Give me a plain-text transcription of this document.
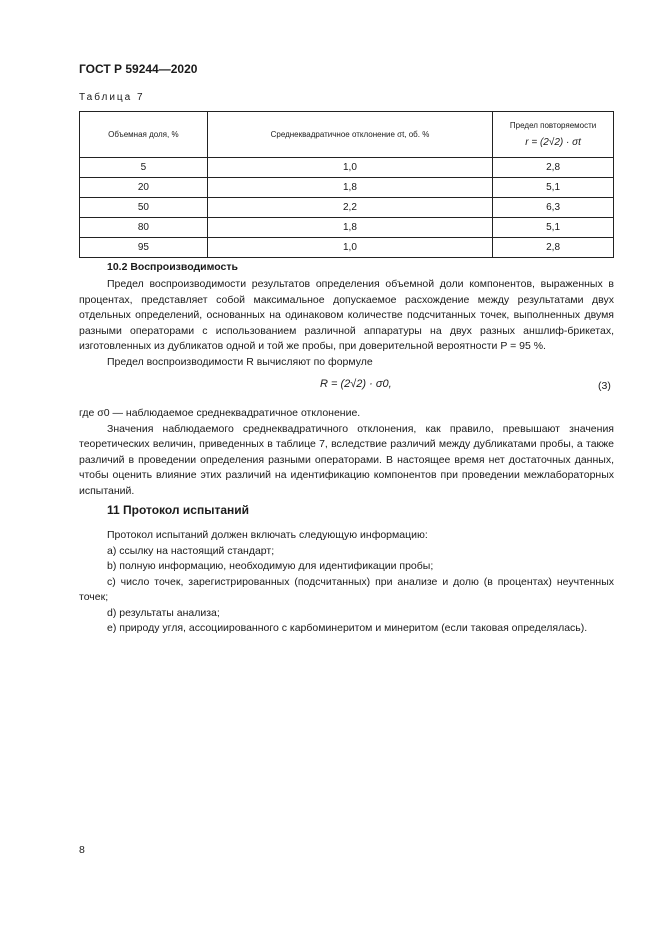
ГОСТ Р 59244—2020
Таблица 7
Объемная доля, %	Среднеквадратичное отклонение σt, об. %	Предел повторяемости
r = (2√2) · σt

5	1,0	2,8
20	1,8	5,1
50	2,2	6,3
80	1,8	5,1
95	1,0	2,8
10.2 Воспроизводимость

Предел воспроизводимости результатов определения объемной доли компонентов, выраженных в процентах, представляет собой максимальное допускаемое расхождение между результатами двух отдельных определений, основанных на одинаковом количестве подсчитанных точек, выполненных двумя разными операторами с использованием различной аппаратуры на двух разных аншлиф-брикетах, изготовленных из дубликатов одной и той же пробы, при доверительной вероятности P = 95 %.

Предел воспроизводимости R вычисляют по формуле

R = (2√2) · σ0,	(3)

где σ0 — наблюдаемое среднеквадратичное отклонение.

Значения наблюдаемого среднеквадратичного отклонения, как правило, превышают значения теоретических величин, приведенных в таблице 7, вследствие различий между дубликатами пробы, а также различий в проведении определения разными операторами. В настоящее время нет достаточных данных, чтобы оценить влияние этих различий на идентификацию компонентов при проведении межлабораторных испытаний.

11 Протокол испытаний

Протокол испытаний должен включать следующую информацию:

a) ссылку на настоящий стандарт;

b) полную информацию, необходимую для идентификации пробы;

c) число точек, зарегистрированных (подсчитанных) при анализе и долю (в процентах) неучтенных точек;

d) результаты анализа;

e) природу угля, ассоциированного с карбоминеритом и минеритом (если таковая определялась).

8
